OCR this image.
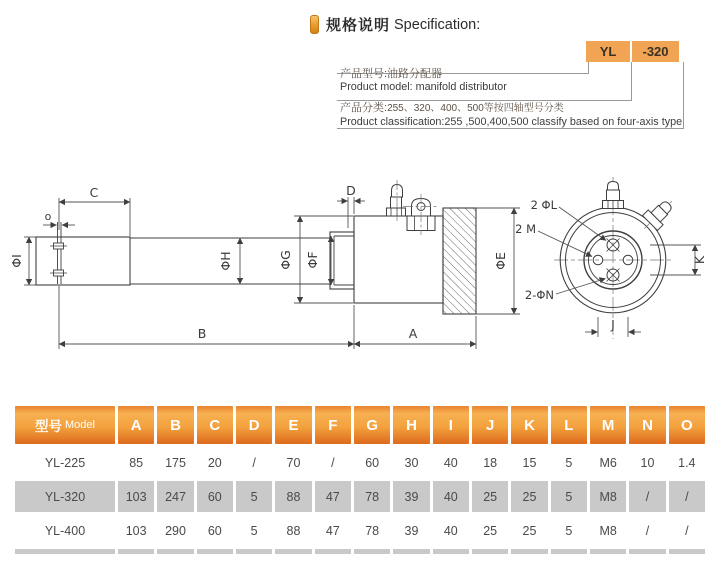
规格说明 Specification:
YL	-320
产品型号:油路分配器
Product model: manifold distributor
产品分类:255、320、400、500等按四轴型号分类
Product classification:255 ,500,400,500 classify based on four-axis type
o
C
ΦI	ΦH	ΦG ΦF
D
ΦE
B	A
2 ΦL
2 M
2-ΦN
K
J
型号 Model	A	B	C	D	E	F	G	H	I	J	K	L	M	N	O
YL-225	85	175	20	/	70	/	60	30	40	18	15	5	M6	10	1.4
YL-320	103	247	60	5	88	47	78	39	40	25	25	5	M8	/	/
YL-400	103	290	60	5	88	47	78	39	40	25	25	5	M8	/	/
